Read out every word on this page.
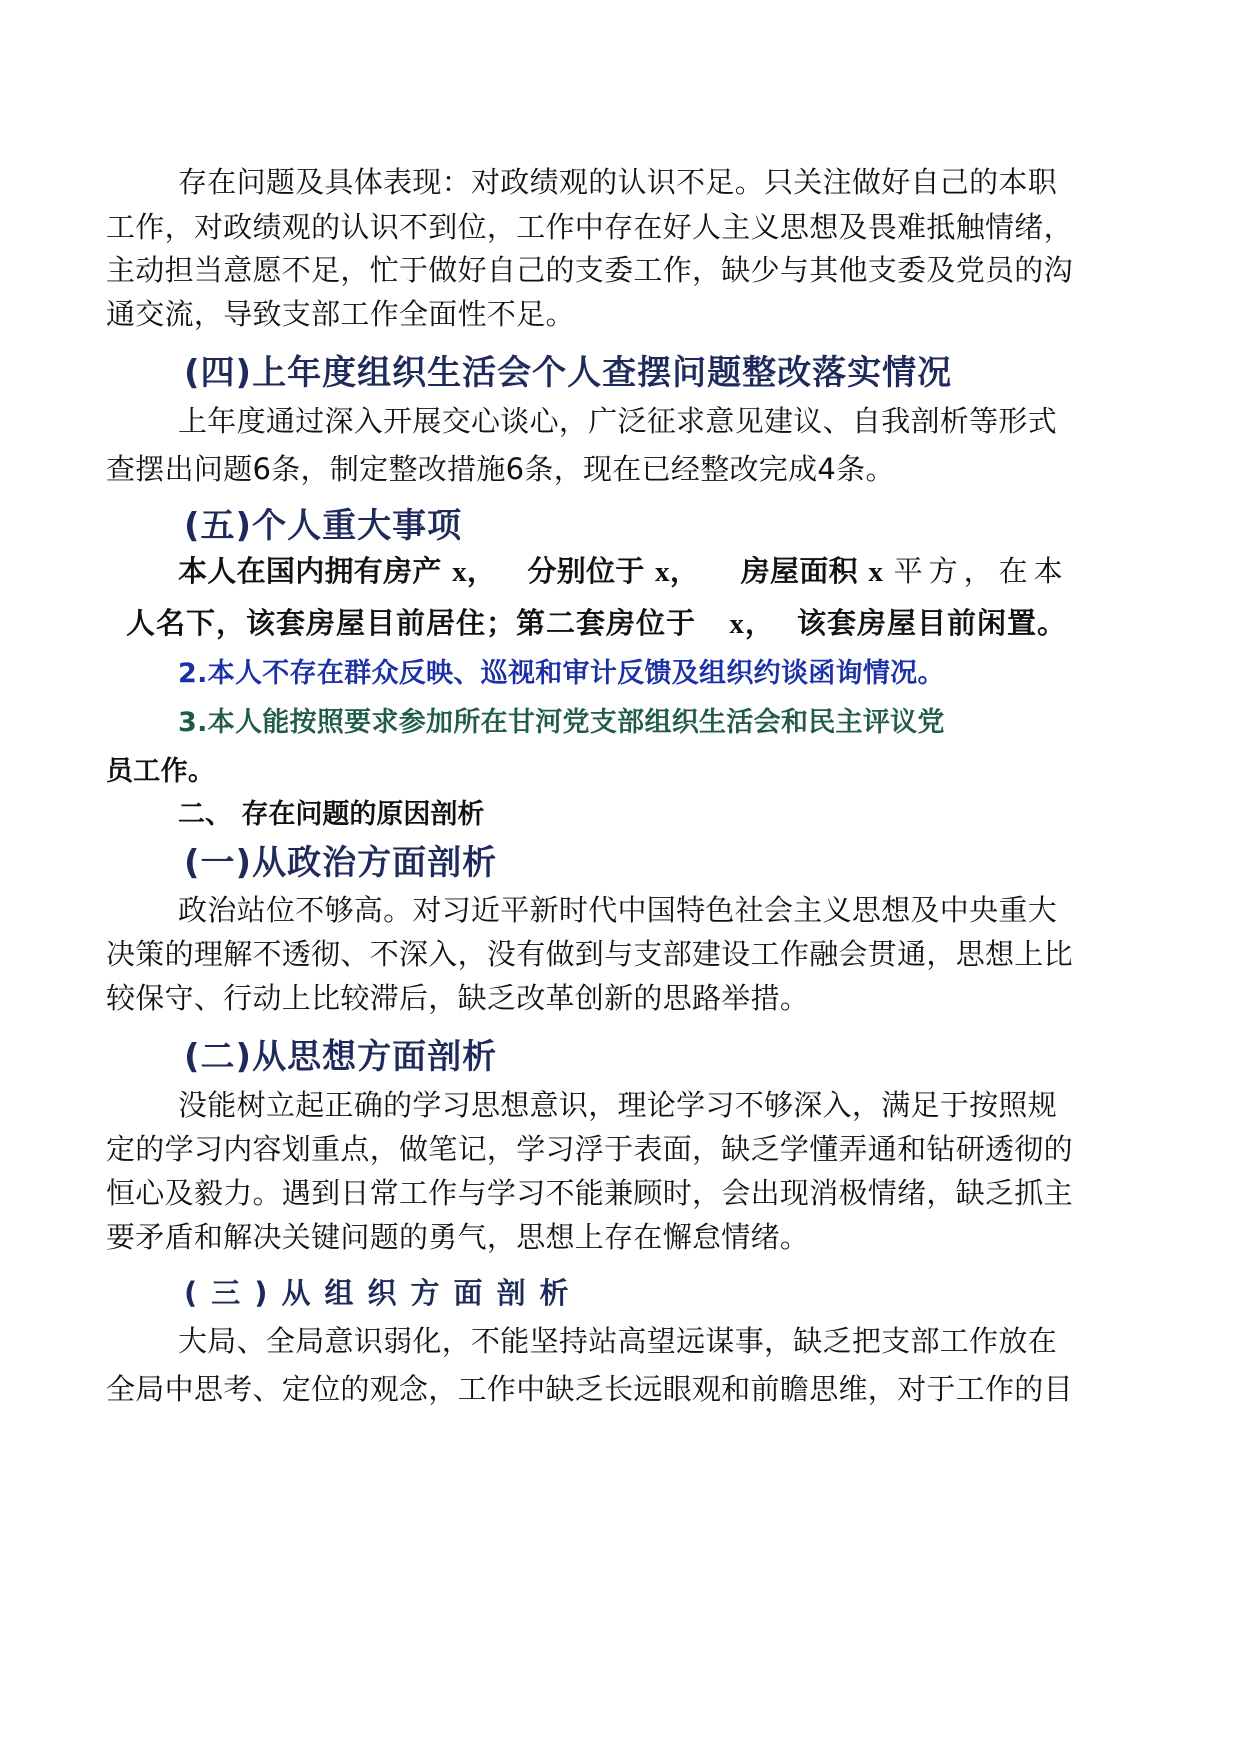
存在问题及具体表现：对政绩观的认识不足。只关注做好自己的本职
工作，对政绩观的认识不到位，工作中存在好人主义思想及畏难抵触情绪，
主动担当意愿不足，忙于做好自己的支委工作，缺少与其他支委及党员的沟
通交流，导致支部工作全面性不足。
(四)上年度组织生活会个人查摆问题整改落实情况
上年度通过深入开展交心谈心，广泛征求意见建议、自我剖析等形式
查摆出问题6条，制定整改措施6条，现在已经整改完成4条。
(五)个人重大事项
本人在国内拥有房产 x， 分别位于 x， 房屋面积 x 平方，在本
人名下，该套房屋目前居住；第二套房位于 x， 该套房屋目前闲置。
2.本人不存在群众反映、巡视和审计反馈及组织约谈函询情况。
3.本人能按照要求参加所在甘河党支部组织生活会和民主评议党
员工作。
二、 存在问题的原因剖析
(一)从政治方面剖析
政治站位不够高。对习近平新时代中国特色社会主义思想及中央重大
决策的理解不透彻、不深入，没有做到与支部建设工作融会贯通，思想上比
较保守、行动上比较滞后，缺乏改革创新的思路举措。
(二)从思想方面剖析
没能树立起正确的学习思想意识，理论学习不够深入，满足于按照规
定的学习内容划重点，做笔记，学习浮于表面，缺乏学懂弄通和钻研透彻的
恒心及毅力。遇到日常工作与学习不能兼顾时，会出现消极情绪，缺乏抓主
要矛盾和解决关键问题的勇气，思想上存在懈怠情绪。
(三)从组织方面剖析
大局、全局意识弱化，不能坚持站高望远谋事，缺乏把支部工作放在
全局中思考、定位的观念，工作中缺乏长远眼观和前瞻思维，对于工作的目
